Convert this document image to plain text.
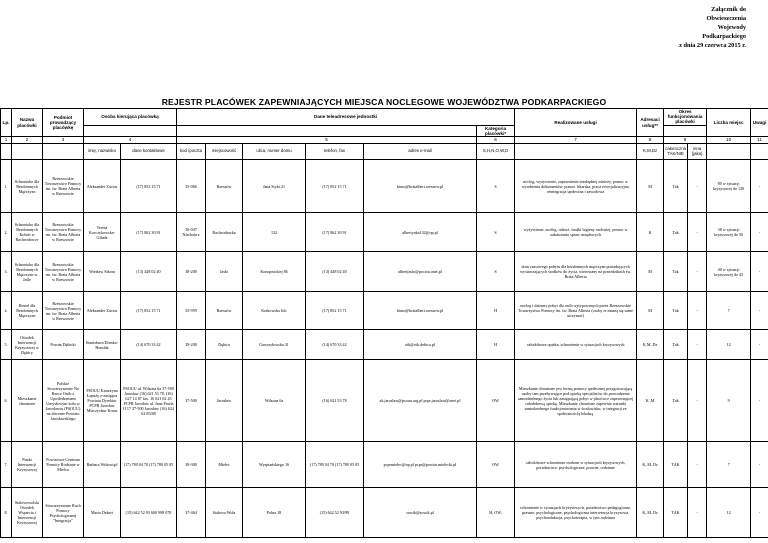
Załącznik do
Obwieszczenia
Wojewody
Podkarpackiego
z dnia 29 czerwca 2015 r.
REJESTR PLACÓWEK ZAPEWNIAJĄCYCH MIEJSCA NOCLEGOWE WOJEWÓDZTWA PODKARPACKIEGO
Lp.	Nazwa placówki	Podmiot prowadzący placówkę	Osoba kierująca placówką		Dane teleadresowe jednostki						Realizowane usługi	Adresaci usług**	Okres funkcjonowania placówki		Liczba miejsc	Uwagi
										Kategoria placówki*						
1	2	3	4		5					6	7	8	9		10	11
			imię, nazwisko	dane kontaktowe	kod /poczta	miejscowość	ulica, numer domu	telefon, fax	adres e-mail	S,H,N,O,W,D		K,M,Dz	całoroczna TAK/NIE	inna (jaka)		
1.	Schronisko dla Bezdomnych Mężczyzn	Rzeszowskie Towarzystwo Pomocy im. św. Brata Alberta w Rzeszowie	Aleksander Zacios	(17) 852 15 71	35-066	Rzeszów	Jana Styki 21	(17) 852 15 71	biuro@bratalbert.rzeszow.pl	S	nocleg, wyżywienie, zapewnienie niezbędnej odzieży, pomoc w wyrobieniu dokumentów, pomoc lekarska, praca resocjalizacyjna, reintegracja społeczna i zawodowa	M	Tak	-	80 w sytuacji kryzysowej do 120	-
2.	Schronisko dla Bezdomnych Kobiet w Rachwałowce	Rzeszowskie Towarzystwo Pomocy im. św. Brata Alberta w Rzeszowie	Teresa Korczykowska-Gibała	(17) 862 30 91	36-047 Niechobrz	Rachwałowka	132	(17) 862 30 91	albertynka132@op.pl	S	wyżywienie, nocleg, odzież, środki higieny osobistej, pomoc w załatwianiu spraw urzędowych	K	Tak	-	38 w sytuacji kryzysowej do 50	-
3.	Schronisko dla Bezdomnych Mężczyzn w Jaśle	Rzeszowskie Towarzystwo Pomocy im. św. Brata Alberta w Rzeszowie	Wiesław Sikora	(13) 448 02 40	38-200	Jasło	Konopnickiej 86	(13) 448 02 40	albertjaslo@poczta.onet.pl	S	dom czasowego pobytu dla bezdomnych mężczyzn posiadających wystarczających środków do życia, wierowany na przeżdzikach św. Brata Alberta	M	Tak	-	40 w sytuacji kryzysowej do 45	-
4.	Hostel dla Bezdomnych Mężczyzn	Rzeszowskie Towarzystwo Pomocy im. św. Brata Alberta w Rzeszowie	Aleksander Zacios	(17) 852 15 71	35-959	Rzeszów	Krakowska 64c	(17) 852 15 71	biuro@bratalbert.rzeszow.pl	H	nocleg i dzienny pobyt dla osób wytypowanych przez Rzeszowskie Towarzystwo Pomocy im. św. Brata Alberta (osoby te muszą się same utrzymać)	M	Tak	-	7	-
5.	Ośrodek Interwencji Kryzysowej w Dębicy	Powiat Dębicki	Stanisława Domko-Homlak	(14) 670 33 42	39-200	Dębica	Gawrzyłowska 31	(14) 670 33 42	oik@oik.debica.pl	H	całodobowa opieka, schronienie w sytuacjach kryzysowych	K,M, Dz	Tak	-	12	-
6.	Mieszkanie chronione	Polskie Stowarzyszenie Na Rzecz Osób z Upośledzeniem Umysłowym koło w Jarosławiu (PSOUU) na zlecenie Powiatu Jarosławskiego	PSOUU Katarzyna Łopuży z-zastępca Powiatu Dyrektor PCPR Jarosław Mieczysław Kraus	PSOUU ul. Wilsona 6a 37-500 Jarosław (16) 621 53 78, (16) 627 14 87 fax. 16 621 02 43 PCPR Jarosław ul. Jana Pawła II 17 37-500 Jarosław (16) 624 62 85/88	37-500	Jarosław	Wilsona 6a	(16) 621 53 78	zk.jaroslaw@psouu.org.pl pcpr.jaroslaw@onet.pl	OW	Mieszkanie chronione jest formą pomocy społecznej przygotowującą osoby tam przebywające pod opieką specjalistów do prowadzenia samodzielnego życia lub zastępującą pobyt w placówce zapewniającej całodobową opiekę. Mieszkanie chronione zapewnia warunki samodzielnego funkcjonowania w środowisku, w integracji ze społecznością lokalną.	K ,M	Tak	-	9	-
7.	Punkt Interwencji Kryzysowej	Powiatowe Centrum Pomocy Rodzinie w Mielcu	Barbara Widowiąd	(17) 780 04 70 (17) 780 05 05	39-300	Mielec	Wyspiańskiego 16	(17) 780 04 70 (17) 780 05 05	pcprmielec@op.pl pcpr@powiat.mielecki.pl	OW	całodobowe schronienie osobom w sytuacjach kryzysowych, poradnictwo: psychologiczne, prawne, rodzinne	K, M, Dz	TAK	-	7	-
8.	Stalowowolski Ośrodek Wsparcia i Interwencji Kryzysowej	Stowarzyszenie Ruch Pomocy Psychologicznej "Integracja"	Maria Dekert	(15) 642 52 93 600 998 078	37-464	Stalowa Wola	Polna 18	(15) 642 52 93/99	sowik@sowik.pl	H, OW,	schronienie w sytuacjach kryzysowych, poradnictwo pedagogiczne, prawne, psychologiczne, psychologiczna interwencja kryzysowa, psychoedukacja, psychoterapia, w tym rodzinna	K, M, Dz	TAK	-	12	-
